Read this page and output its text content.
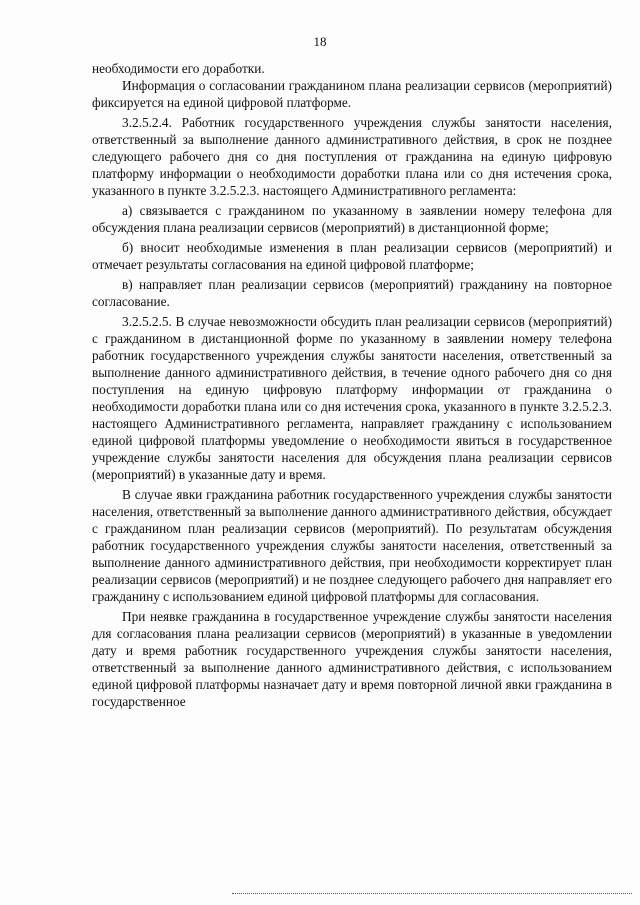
18

необходимости его доработки.

Информация о согласовании гражданином плана реализации сервисов (мероприятий) фиксируется на единой цифровой платформе.

3.2.5.2.4. Работник государственного учреждения службы занятости населения, ответственный за выполнение данного административного действия, в срок не позднее следующего рабочего дня со дня поступления от гражданина на единую цифровую платформу информации о необходимости доработки плана или со дня истечения срока, указанного в пункте 3.2.5.2.3. настоящего Административного регламента:

а) связывается с гражданином по указанному в заявлении номеру телефона для обсуждения плана реализации сервисов (мероприятий) в дистанционной форме;

б) вносит необходимые изменения в план реализации сервисов (мероприятий) и отмечает результаты согласования на единой цифровой платформе;

в) направляет план реализации сервисов (мероприятий) гражданину на повторное согласование.

3.2.5.2.5. В случае невозможности обсудить план реализации сервисов (мероприятий) с гражданином в дистанционной форме по указанному в заявлении номеру телефона работник государственного учреждения службы занятости населения, ответственный за выполнение данного административного действия, в течение одного рабочего дня со дня поступления на единую цифровую платформу информации от гражданина о необходимости доработки плана или со дня истечения срока, указанного в пункте 3.2.5.2.3. настоящего Административного регламента, направляет гражданину с использованием единой цифровой платформы уведомление о необходимости явиться в государственное учреждение службы занятости населения для обсуждения плана реализации сервисов (мероприятий) в указанные дату и время.

В случае явки гражданина работник государственного учреждения службы занятости населения, ответственный за выполнение данного административного действия, обсуждает с гражданином план реализации сервисов (мероприятий). По результатам обсуждения работник государственного учреждения службы занятости населения, ответственный за выполнение данного административного действия, при необходимости корректирует план реализации сервисов (мероприятий) и не позднее следующего рабочего дня направляет его гражданину с использованием единой цифровой платформы для согласования.

При неявке гражданина в государственное учреждение службы занятости населения для согласования плана реализации сервисов (мероприятий) в указанные в уведомлении дату и время работник государственного учреждения службы занятости населения, ответственный за выполнение данного административного действия, с использованием единой цифровой платформы назначает дату и время повторной личной явки гражданина в государственное
